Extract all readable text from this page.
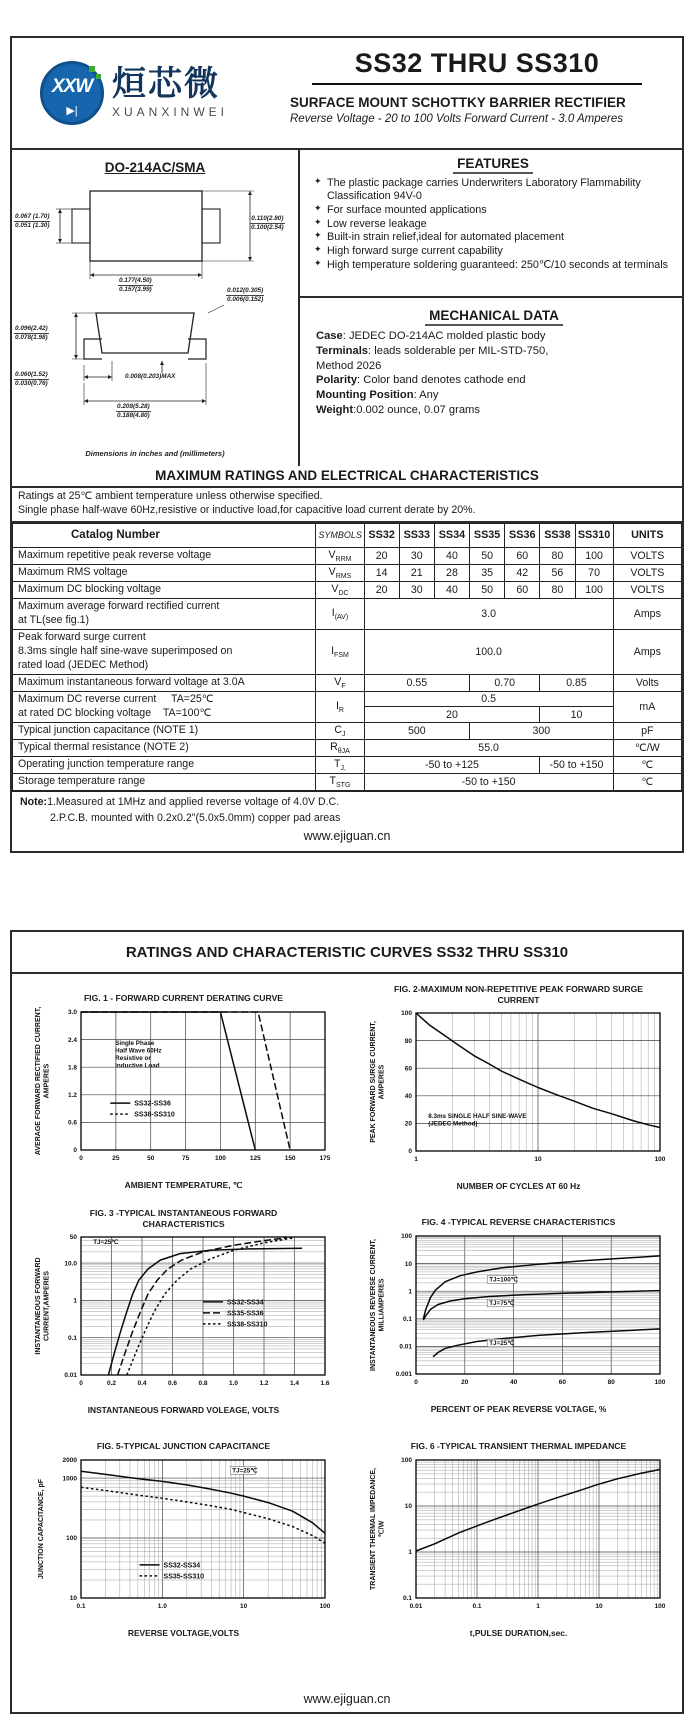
XXW
▶|
烜芯微
XUANXINWEI
SS32 THRU SS310
SURFACE MOUNT SCHOTTKY BARRIER RECTIFIER
Reverse Voltage - 20 to 100 Volts Forward Current - 3.0 Amperes
DO-214AC/SMA
0.067 (1.70)
0.051 (1.30)
0.110(2.80)
0.100(2.54)
0.177(4.50)
0.157(3.99)	0.012(0.305)
0.006(0.152)
0.096(2.42)
0.078(1.98)
0.060(1.52)
0.030(0.76)
0.008(0.203)MAX
0.208(5.28)
0.188(4.80)
Dimensions in inches and (millimeters)
FEATURES
✦ The plastic package carries Underwriters Laboratory Flammability Classification 94V-0
✦ For surface mounted applications
✦ Low reverse leakage
✦ Built-in strain relief,ideal for automated placement
✦ High forward surge current capability
✦ High temperature soldering guaranteed: 250℃/10 seconds at terminals
MECHANICAL DATA
Case: JEDEC DO-214AC molded plastic body
Terminals: leads solderable per MIL-STD-750,
Method 2026
Polarity: Color band denotes cathode end
Mounting Position: Any
Weight:0.002 ounce, 0.07 grams
MAXIMUM RATINGS AND ELECTRICAL CHARACTERISTICS
Ratings at 25℃ ambient temperature unless otherwise specified.
Single phase half-wave 60Hz,resistive or inductive load,for capacitive load current derate by 20%.
Catalog Number	SYMBOLS	SS32	SS33	SS34	SS35	SS36	SS38	SS310	UNITS

Maximum repetitive peak reverse voltage	$V_{RRM}$	20	30	40	50	60	80	100	VOLTS

Maximum RMS voltage	$V_{RMS}$	14	21	28	35	42	56	70	VOLTS

Maximum DC blocking voltage	$V_{DC}$	20	30	40	50	60	80	100	VOLTS

Maximum average forward rectified current
at TL(see fig.1)	$I_{(AV)}$	3.0							Amps

Peak forward surge current
8.3ms single half sine-wave superimposed on
rated load (JEDEC Method)	$I_{FSM}$	100.0							Amps

Maximum instantaneous forward voltage at 3.0A	$V_F$	0.55			0.70		0.85		Volts

Maximum DC reverse current     TA=25℃
at rated DC blocking voltage    TA=100℃	$I_R$	0.5							mA
		20					10		

Typical junction capacitance (NOTE 1)	$C_J$	500			300				pF

Typical thermal resistance (NOTE 2)	$R_{\theta JA}$	55.0							℃/W

Operating junction temperature range	$T_{J,}$	-50 to +125					-50 to +150		℃

Storage temperature range	$T_{STG}$	-50 to +150							℃
Note:1.Measured at 1MHz and applied reverse voltage of 4.0V D.C.
2.P.C.B. mounted with 0.2x0.2"(5.0x5.0mm) copper pad areas
www.ejiguan.cn
RATINGS AND CHARACTERISTIC CURVES SS32 THRU SS310
FIG. 1 - FORWARD CURRENT DERATING CURVE
0	25	50	75	100	125	150	175
0
0.6
1.2
1.8
2.4
3.0
AVERAGE FORWARD RECTIFIED CURRENT, AMPERES
Single Phase
Half Wave 60Hz
Resistive or
Inductive Load
SS32-SS36
SS38-SS310
AMBIENT TEMPERATURE, ℃
FIG. 2-MAXIMUM NON-REPETITIVE PEAK FORWARD SURGE CURRENT
1	10	100
0
20
40
60
80
100
PEAK FORWARD SURGE CURRENT, AMPERES
8.3ms SINGLE HALF SINE-WAVE
(JEDEC Method)
NUMBER OF CYCLES AT 60 Hz
FIG. 3 -TYPICAL INSTANTANEOUS FORWARD CHARACTERISTICS
0	0.2	0.4	0.6	0.8	1.0	1.2	1.4	1.6
0.01
0.1
1
10.0
50
INSTANTANEOUS FORWARD CURRENT,AMPERES
TJ=25℃
SS32-SS34
SS35-SS36
SS38-SS310
INSTANTANEOUS FORWARD VOLEAGE, VOLTS
FIG. 4 -TYPICAL REVERSE CHARACTERISTICS
0	20	40	60	80	100
0.001
0.01
0.1
1
10
100
INSTANTANEOUS REVERSE CURRENT, MILLIAMPERES	TJ=100℃
TJ=75℃
TJ=25℃
PERCENT OF PEAK REVERSE VOLTAGE, %
FIG. 5-TYPICAL JUNCTION CAPACITANCE
0.1	1.0	10	100
10
100
1000
2000
JUNCTION CAPACITANCE, pF
TJ=25℃
SS32-SS34
SS35-SS310
REVERSE VOLTAGE,VOLTS
FIG. 6 -TYPICAL TRANSIENT THERMAL IMPEDANCE
0.01	0.1	1	10	100
0.1
1
10
100
TRANSIENT THERMAL IMPEDANCE, ℃/W
t,PULSE DURATION,sec.
www.ejiguan.cn
